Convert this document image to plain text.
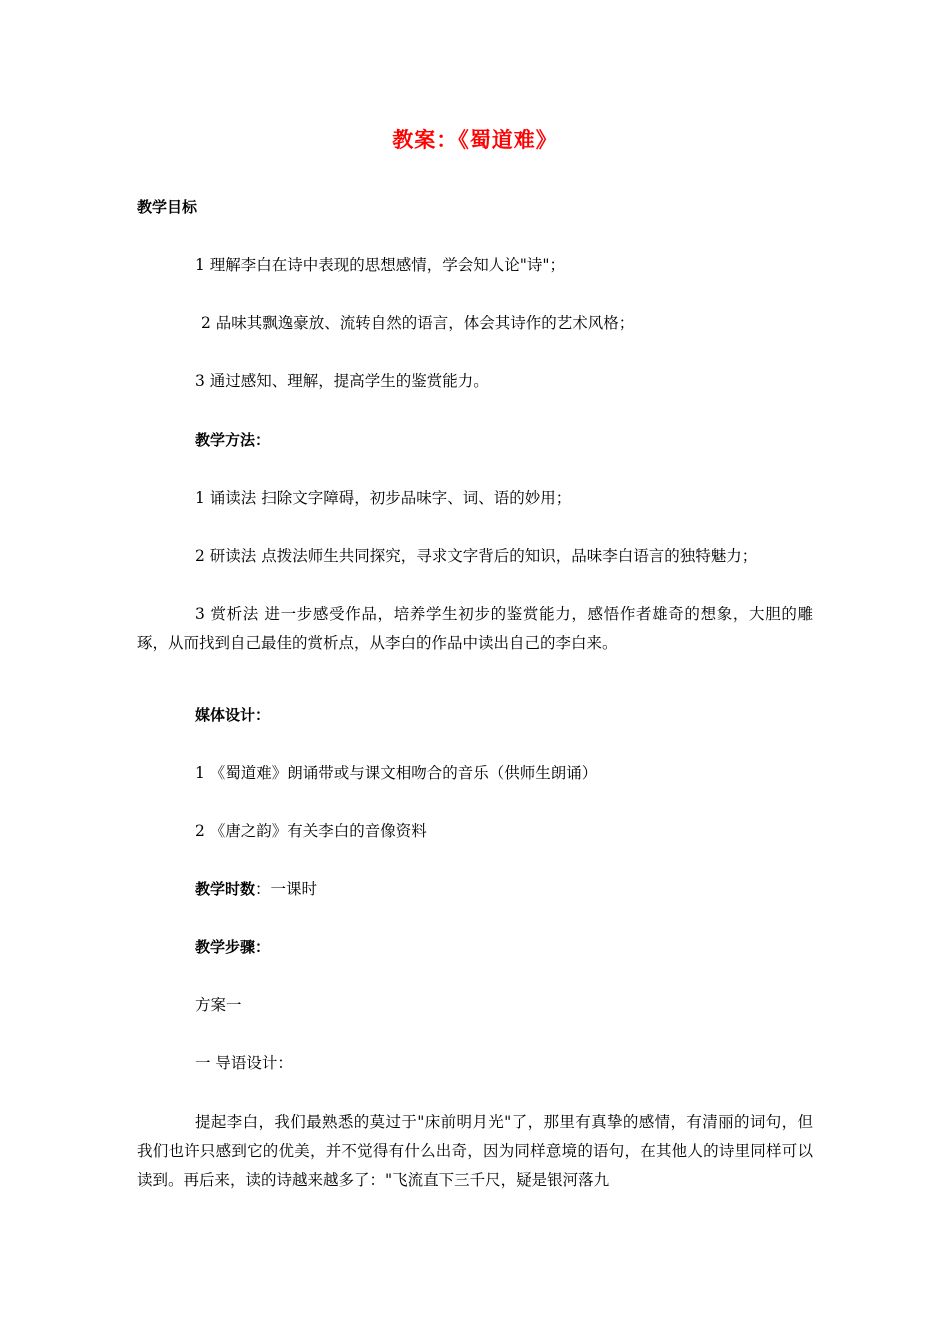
教案：《蜀道难》
教学目标
1 理解李白在诗中表现的思想感情，学会知人论"诗"；
2 品味其飘逸豪放、流转自然的语言，体会其诗作的艺术风格；
3 通过感知、理解，提高学生的鉴赏能力。
教学方法：
1 诵读法 扫除文字障碍，初步品味字、词、语的妙用；
2 研读法 点拨法师生共同探究，寻求文字背后的知识，品味李白语言的独特魅力；
3 赏析法 进一步感受作品，培养学生初步的鉴赏能力，感悟作者雄奇的想象，大胆的雕琢，从而找到自己最佳的赏析点，从李白的作品中读出自己的李白来。
媒体设计：
1 《蜀道难》朗诵带或与课文相吻合的音乐（供师生朗诵）
2 《唐之韵》有关李白的音像资料
教学时数：一课时
教学步骤：
方案一
一 导语设计：
提起李白，我们最熟悉的莫过于"床前明月光"了，那里有真挚的感情，有清丽的词句，但我们也许只感到它的优美，并不觉得有什么出奇，因为同样意境的语句，在其他人的诗里同样可以读到。再后来，读的诗越来越多了："飞流直下三千尺，疑是银河落九
